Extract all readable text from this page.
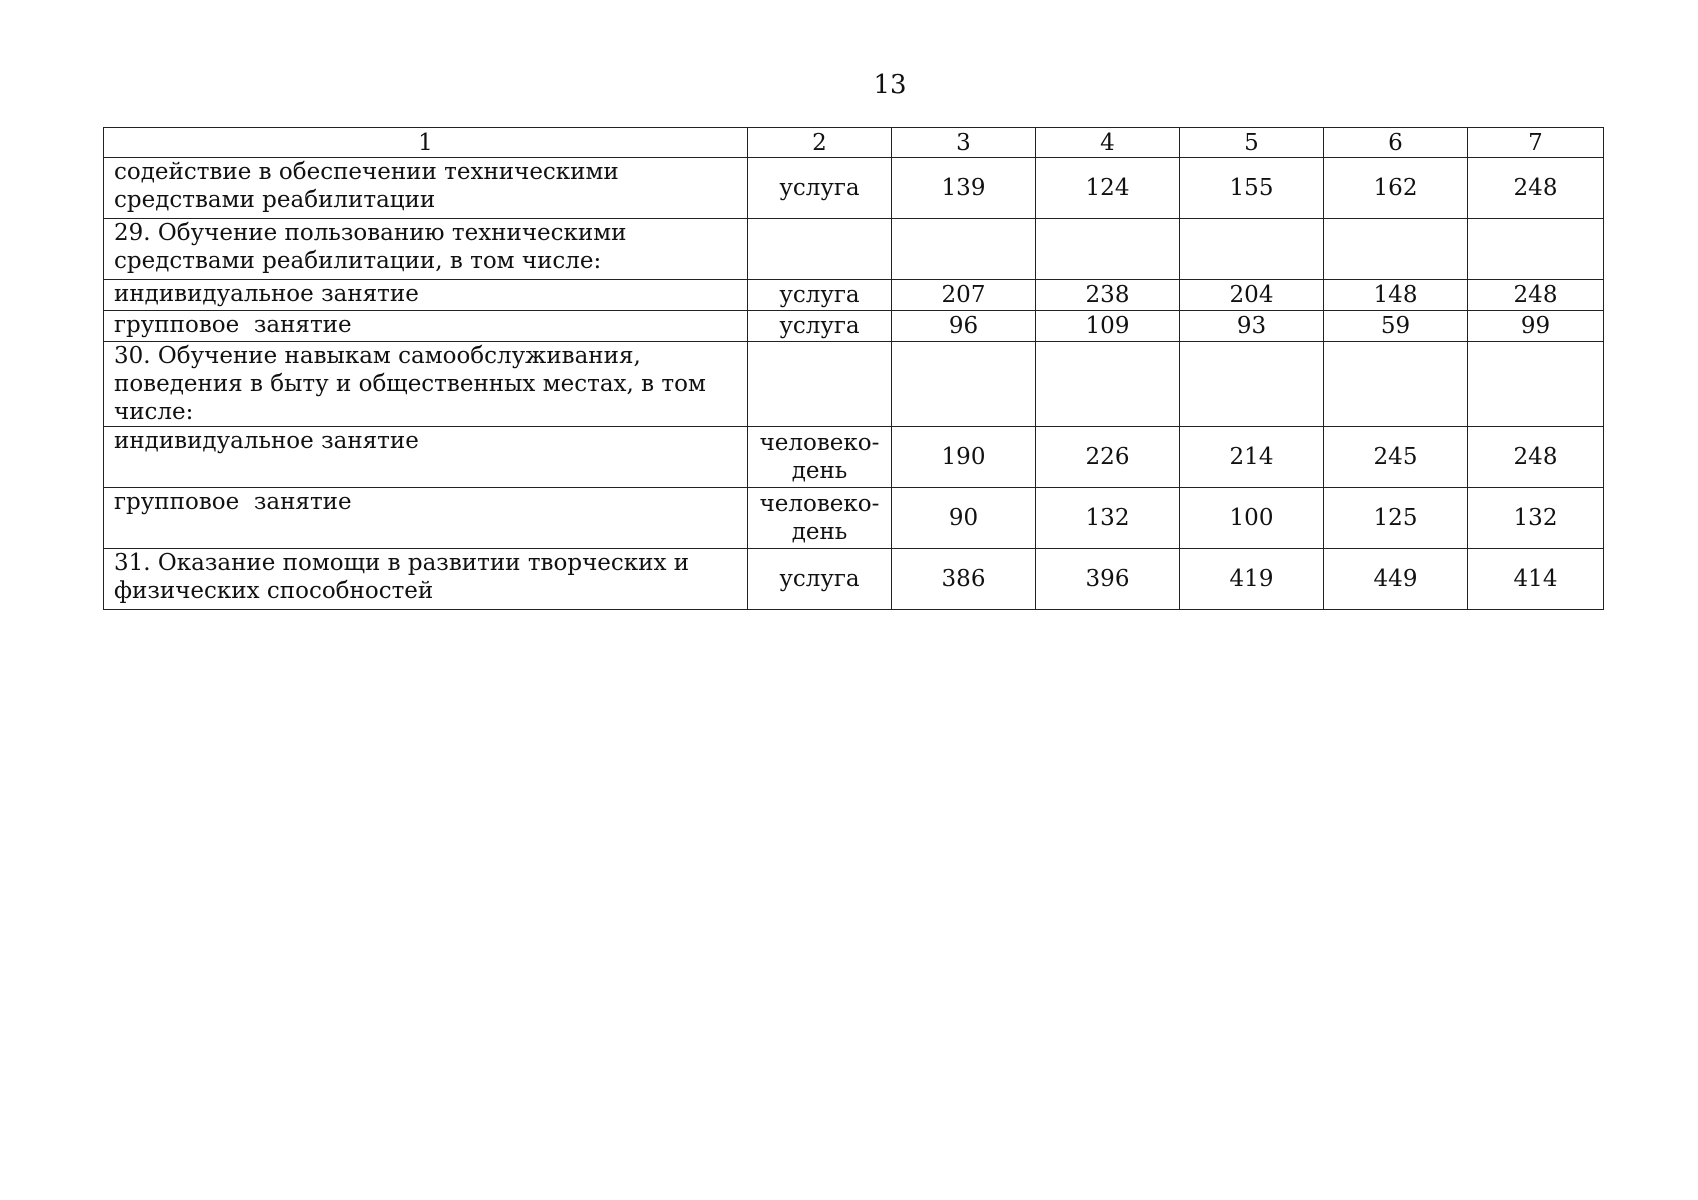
13
1	2	3	4	5	6	7
содействие в обеспечении техническими средствами реабилитации	услуга	139	124	155	162	248
29. Обучение пользованию техническими средствами реабилитации, в том числе:						
индивидуальное занятие	услуга	207	238	204	148	248
групповое  занятие	услуга	96	109	93	59	99
30. Обучение навыкам самообслуживания, поведения в быту и общественных местах, в том числе:						
индивидуальное занятие	человеко-день	190	226	214	245	248
групповое  занятие	человеко-день	90	132	100	125	132
31. Оказание помощи в развитии творческих и физических способностей	услуга	386	396	419	449	414
